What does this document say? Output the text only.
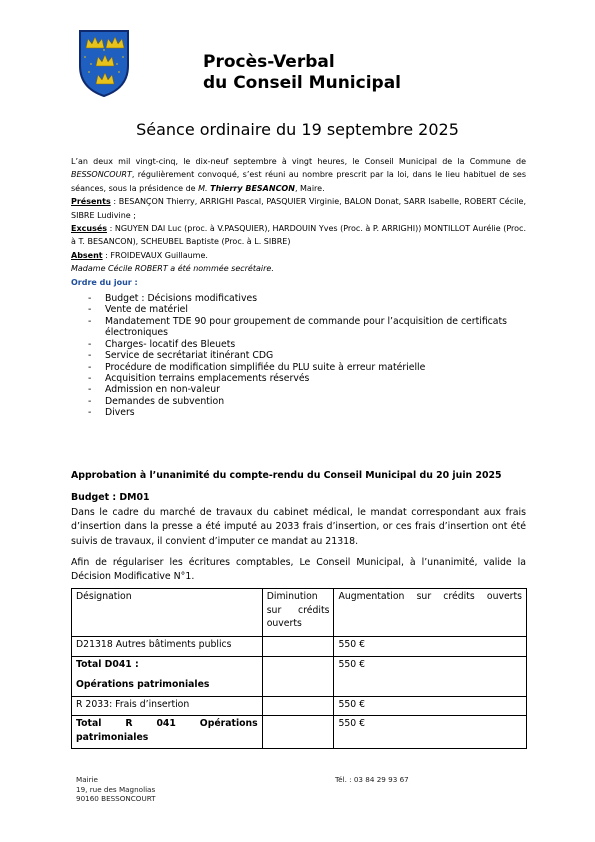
Procès-Verbal
du Conseil Municipal
Séance ordinaire du 19 septembre 2025

L’an deux mil vingt-cinq, le dix-neuf septembre à vingt heures, le Conseil Municipal de la Commune de BESSONCOURT, régulièrement convoqué, s’est réuni au nombre prescrit par la loi, dans le lieu habituel de ses séances, sous la présidence de M. Thierry BESANCON, Maire.

Présents : BESANÇON Thierry, ARRIGHI Pascal, PASQUIER Virginie, BALON Donat, SARR Isabelle, ROBERT Cécile, SIBRE Ludivine ;

Excusés : NGUYEN DAI Luc (proc. à V.PASQUIER), HARDOUIN Yves (Proc. à P. ARRIGHI)) MONTILLOT Aurélie (Proc. à T. BESANCON), SCHEUBEL Baptiste (Proc. à L. SIBRE)

Absent : FROIDEVAUX Guillaume.

Madame Cécile ROBERT a été nommée secrétaire.

Ordre du jour :

- Budget : Décisions modificatives
- Vente de matériel
- Mandatement TDE 90 pour groupement de commande pour l’acquisition de certificats électroniques
- Charges- locatif des Bleuets
- Service de secrétariat itinérant CDG
- Procédure de modification simplifiée du PLU suite à erreur matérielle
- Acquisition terrains emplacements réservés
- Admission en non-valeur
- Demandes de subvention
- Divers

Approbation à l’unanimité du compte-rendu du Conseil Municipal du 20 juin 2025

Budget : DM01

Dans le cadre du marché de travaux du cabinet médical, le mandat correspondant aux frais d’insertion dans la presse a été imputé au 2033 frais d’insertion, or ces frais d’insertion ont été suivis de travaux, il convient d’imputer ce mandat au 21318.

Afin de régulariser les écritures comptables, Le Conseil Municipal, à l’unanimité, valide la Décision Modificative N°1.

Désignation	Diminution sur crédits ouverts	Augmentation sur crédits ouverts
D21318 Autres bâtiments publics		550 €

Total D041 :
Opérations patrimoniales		550 €
R 2033: Frais d’insertion		550 €

Total R 041 Opérations
patrimoniales		550 €
Mairie
19, rue des Magnolias
90160 BESSONCOURT
Tél. : 03 84 29 93 67
